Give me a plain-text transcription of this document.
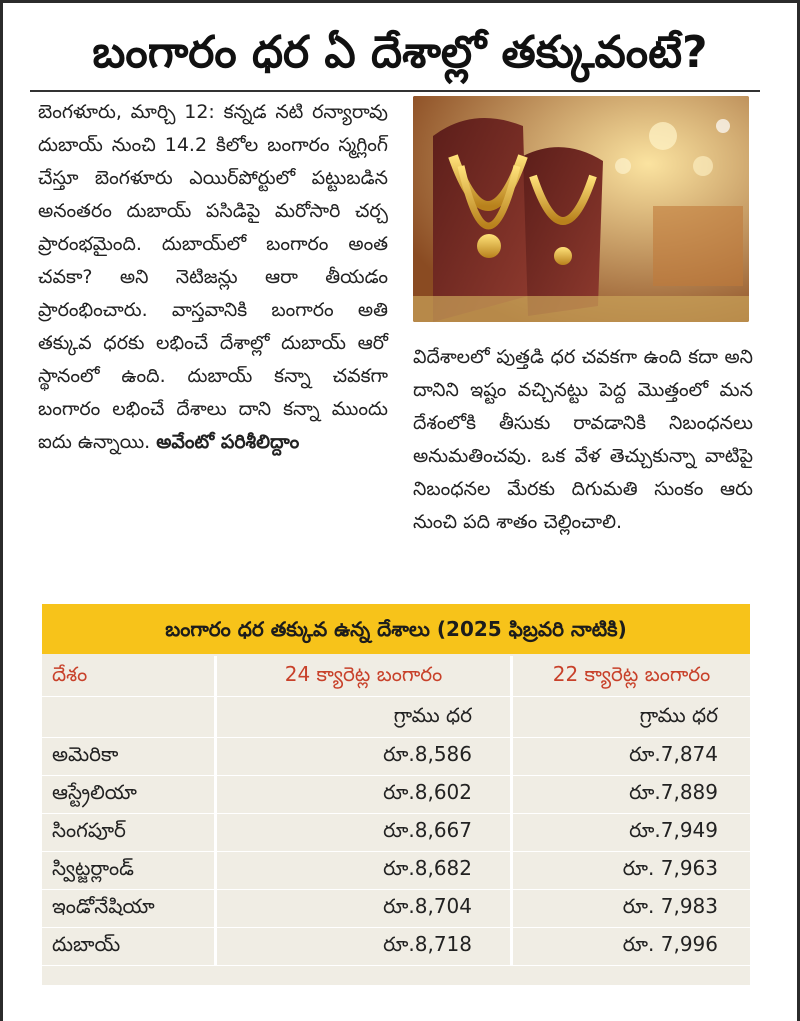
బంగారం ధర ఏ దేశాల్లో తక్కువంటే?
బెంగళూరు, మార్చి 12: కన్నడ నటి రన్యారావు దుబాయ్ నుంచి 14.2 కిలోల బంగారం స్మగ్లింగ్ చేస్తూ బెంగళూరు ఎయిర్‌పోర్టులో పట్టుబడిన అనంతరం దుబాయ్ పసిడిపై మరోసారి చర్చ ప్రారంభమైంది. దుబాయ్‌లో బంగారం అంత చవకా? అని నెటిజన్లు ఆరా తీయడం ప్రారంభించారు. వాస్తవానికి బంగారం అతి తక్కువ ధరకు లభించే దేశాల్లో దుబాయ్ ఆరో స్థానంలో ఉంది. దుబాయ్ కన్నా చవకగా బంగారం లభించే దేశాలు దాని కన్నా ముందు ఐదు ఉన్నాయి. అవేంటో పరిశీలిద్దాం
విదేశాలలో పుత్తడి ధర చవకగా ఉంది కదా అని దానిని ఇష్టం వచ్చినట్టు పెద్ద మొత్తంలో మన దేశంలోకి తీసుకు రావడానికి నిబంధనలు అనుమతించవు. ఒక వేళ తెచ్చుకున్నా వాటిపై నిబంధనల మేరకు దిగుమతి సుంకం ఆరు నుంచి పది శాతం చెల్లించాలి.
బంగారం ధర తక్కువ ఉన్న దేశాలు (2025 ఫిబ్రవరి నాటికి)
దేశం	24 క్యారెట్ల బంగారం	22 క్యారెట్ల బంగారం
	గ్రాము ధర	గ్రాము ధర
అమెరికా	రూ.8,586	రూ.7,874
ఆస్ట్రేలియా	రూ.8,602	రూ.7,889
సింగపూర్	రూ.8,667	రూ.7,949
స్విట్జర్లాండ్	రూ.8,682	రూ. 7,963
ఇండోనేషియా	రూ.8,704	రూ. 7,983
దుబాయ్	రూ.8,718	రూ. 7,996
